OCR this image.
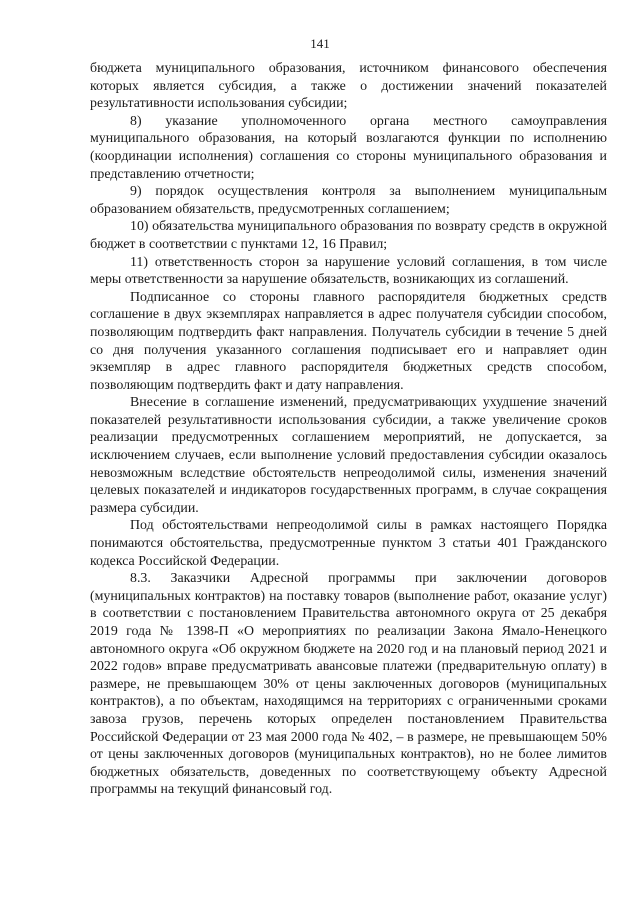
141

бюджета муниципального образования, источником финансового обеспечения которых является субсидия, а также о достижении значений показателей результативности использования субсидии;

8) указание уполномоченного органа местного самоуправления муниципального образования, на который возлагаются функции по исполнению (координации исполнения) соглашения со стороны муниципального образования и представлению отчетности;

9) порядок осуществления контроля за выполнением муниципальным образованием обязательств, предусмотренных соглашением;

10) обязательства муниципального образования по возврату средств в окружной бюджет в соответствии с пунктами 12, 16 Правил;

11) ответственность сторон за нарушение условий соглашения, в том числе меры ответственности за нарушение обязательств, возникающих из соглашений.

Подписанное со стороны главного распорядителя бюджетных средств соглашение в двух экземплярах направляется в адрес получателя субсидии способом, позволяющим подтвердить факт направления. Получатель субсидии в течение 5 дней со дня получения указанного соглашения подписывает его и направляет один экземпляр в адрес главного распорядителя бюджетных средств способом, позволяющим подтвердить факт и дату направления.

Внесение в соглашение изменений, предусматривающих ухудшение значений показателей результативности использования субсидии, а также увеличение сроков реализации предусмотренных соглашением мероприятий, не допускается, за исключением случаев, если выполнение условий предоставления субсидии оказалось невозможным вследствие обстоятельств непреодолимой силы, изменения значений целевых показателей и индикаторов государственных программ, в случае сокращения размера субсидии.

Под обстоятельствами непреодолимой силы в рамках настоящего Порядка понимаются обстоятельства, предусмотренные пунктом 3 статьи 401 Гражданского кодекса Российской Федерации.

8.3. Заказчики Адресной программы при заключении договоров (муниципальных контрактов) на поставку товаров (выполнение работ, оказание услуг) в соответствии с постановлением Правительства автономного округа от 25 декабря 2019 года № 1398-П «О мероприятиях по реализации Закона Ямало-Ненецкого автономного округа «Об окружном бюджете на 2020 год и на плановый период 2021 и 2022 годов» вправе предусматривать авансовые платежи (предварительную оплату) в размере, не превышающем 30% от цены заключенных договоров (муниципальных контрактов), а по объектам, находящимся на территориях с ограниченными сроками завоза грузов, перечень которых определен постановлением Правительства Российской Федерации от 23 мая 2000 года № 402, – в размере, не превышающем 50% от цены заключенных договоров (муниципальных контрактов), но не более лимитов бюджетных обязательств, доведенных по соответствующему объекту Адресной программы на текущий финансовый год.
